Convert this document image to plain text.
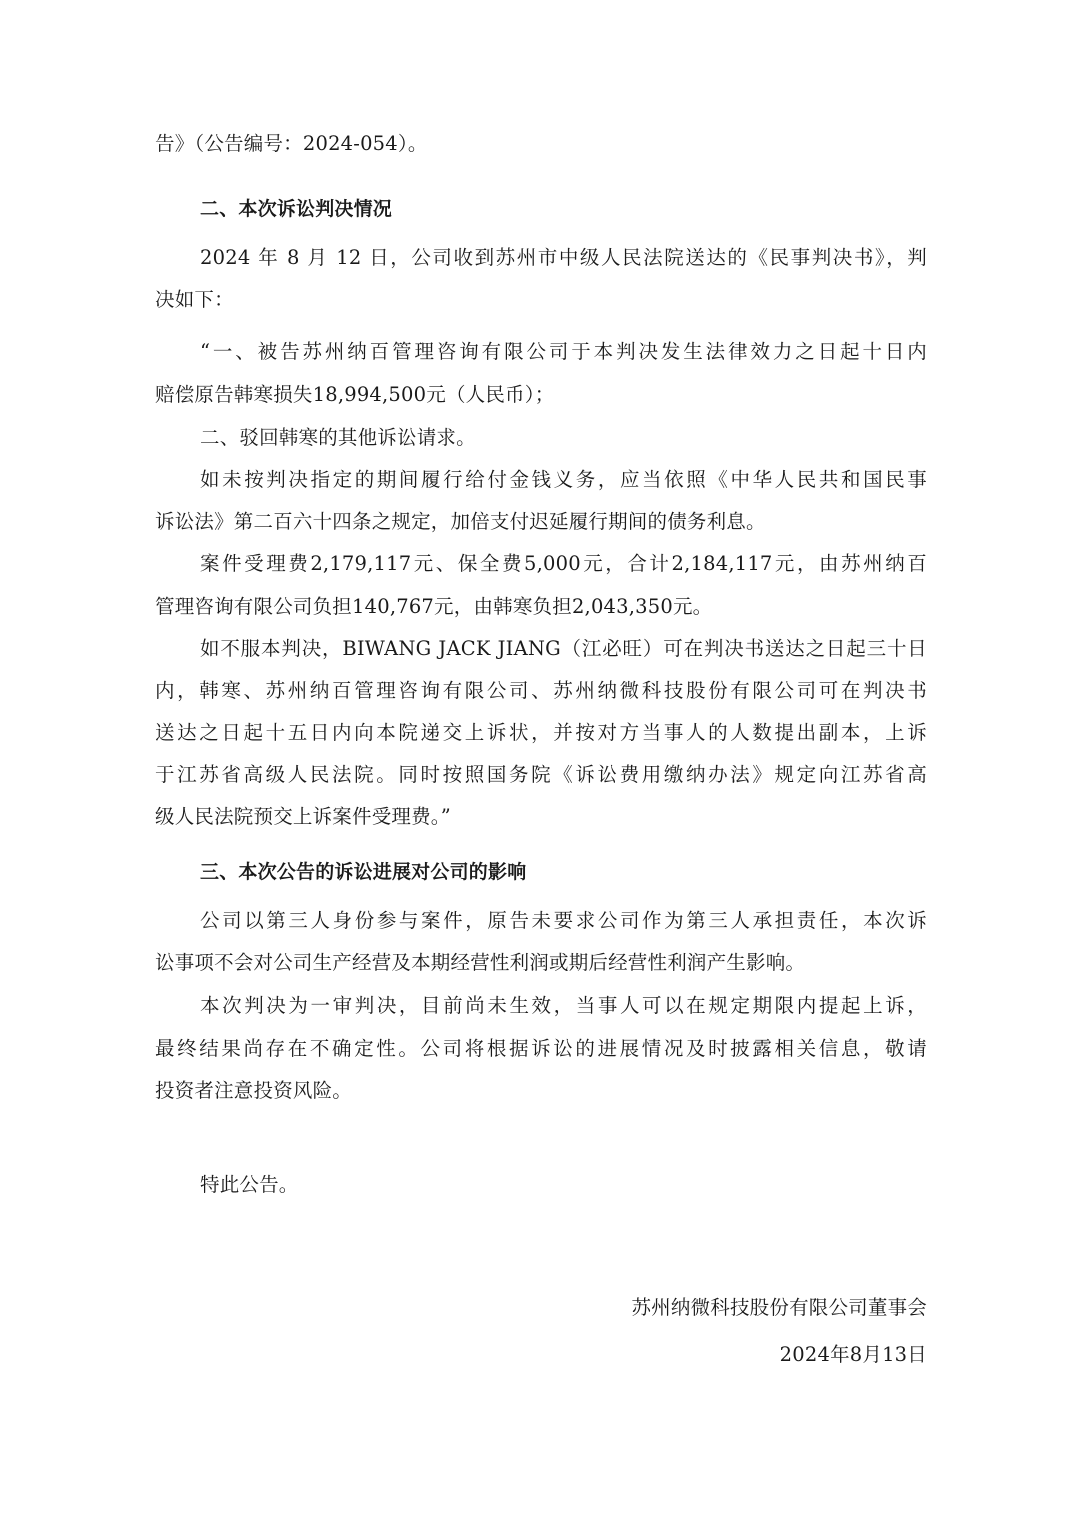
告》（公告编号：2024-054）。
二、本次诉讼判决情况
2024 年 8 月 12 日，公司收到苏州市中级人民法院送达的《民事判决书》，判
决如下：
“一、被告苏州纳百管理咨询有限公司于本判决发生法律效力之日起十日内
赔偿原告韩寒损失18,994,500元（人民币）；
二、驳回韩寒的其他诉讼请求。
如未按判决指定的期间履行给付金钱义务，应当依照《中华人民共和国民事
诉讼法》第二百六十四条之规定，加倍支付迟延履行期间的债务利息。
案件受理费2,179,117元、保全费5,000元，合计2,184,117元，由苏州纳百
管理咨询有限公司负担140,767元，由韩寒负担2,043,350元。
如不服本判决，BIWANG JACK JIANG（江必旺）可在判决书送达之日起三十日
内，韩寒、苏州纳百管理咨询有限公司、苏州纳微科技股份有限公司可在判决书
送达之日起十五日内向本院递交上诉状，并按对方当事人的人数提出副本，上诉
于江苏省高级人民法院。同时按照国务院《诉讼费用缴纳办法》规定向江苏省高
级人民法院预交上诉案件受理费。”
三、本次公告的诉讼进展对公司的影响
公司以第三人身份参与案件，原告未要求公司作为第三人承担责任，本次诉
讼事项不会对公司生产经营及本期经营性利润或期后经营性利润产生影响。
本次判决为一审判决，目前尚未生效，当事人可以在规定期限内提起上诉，
最终结果尚存在不确定性。公司将根据诉讼的进展情况及时披露相关信息，敬请
投资者注意投资风险。
特此公告。
苏州纳微科技股份有限公司董事会
2024年8月13日
